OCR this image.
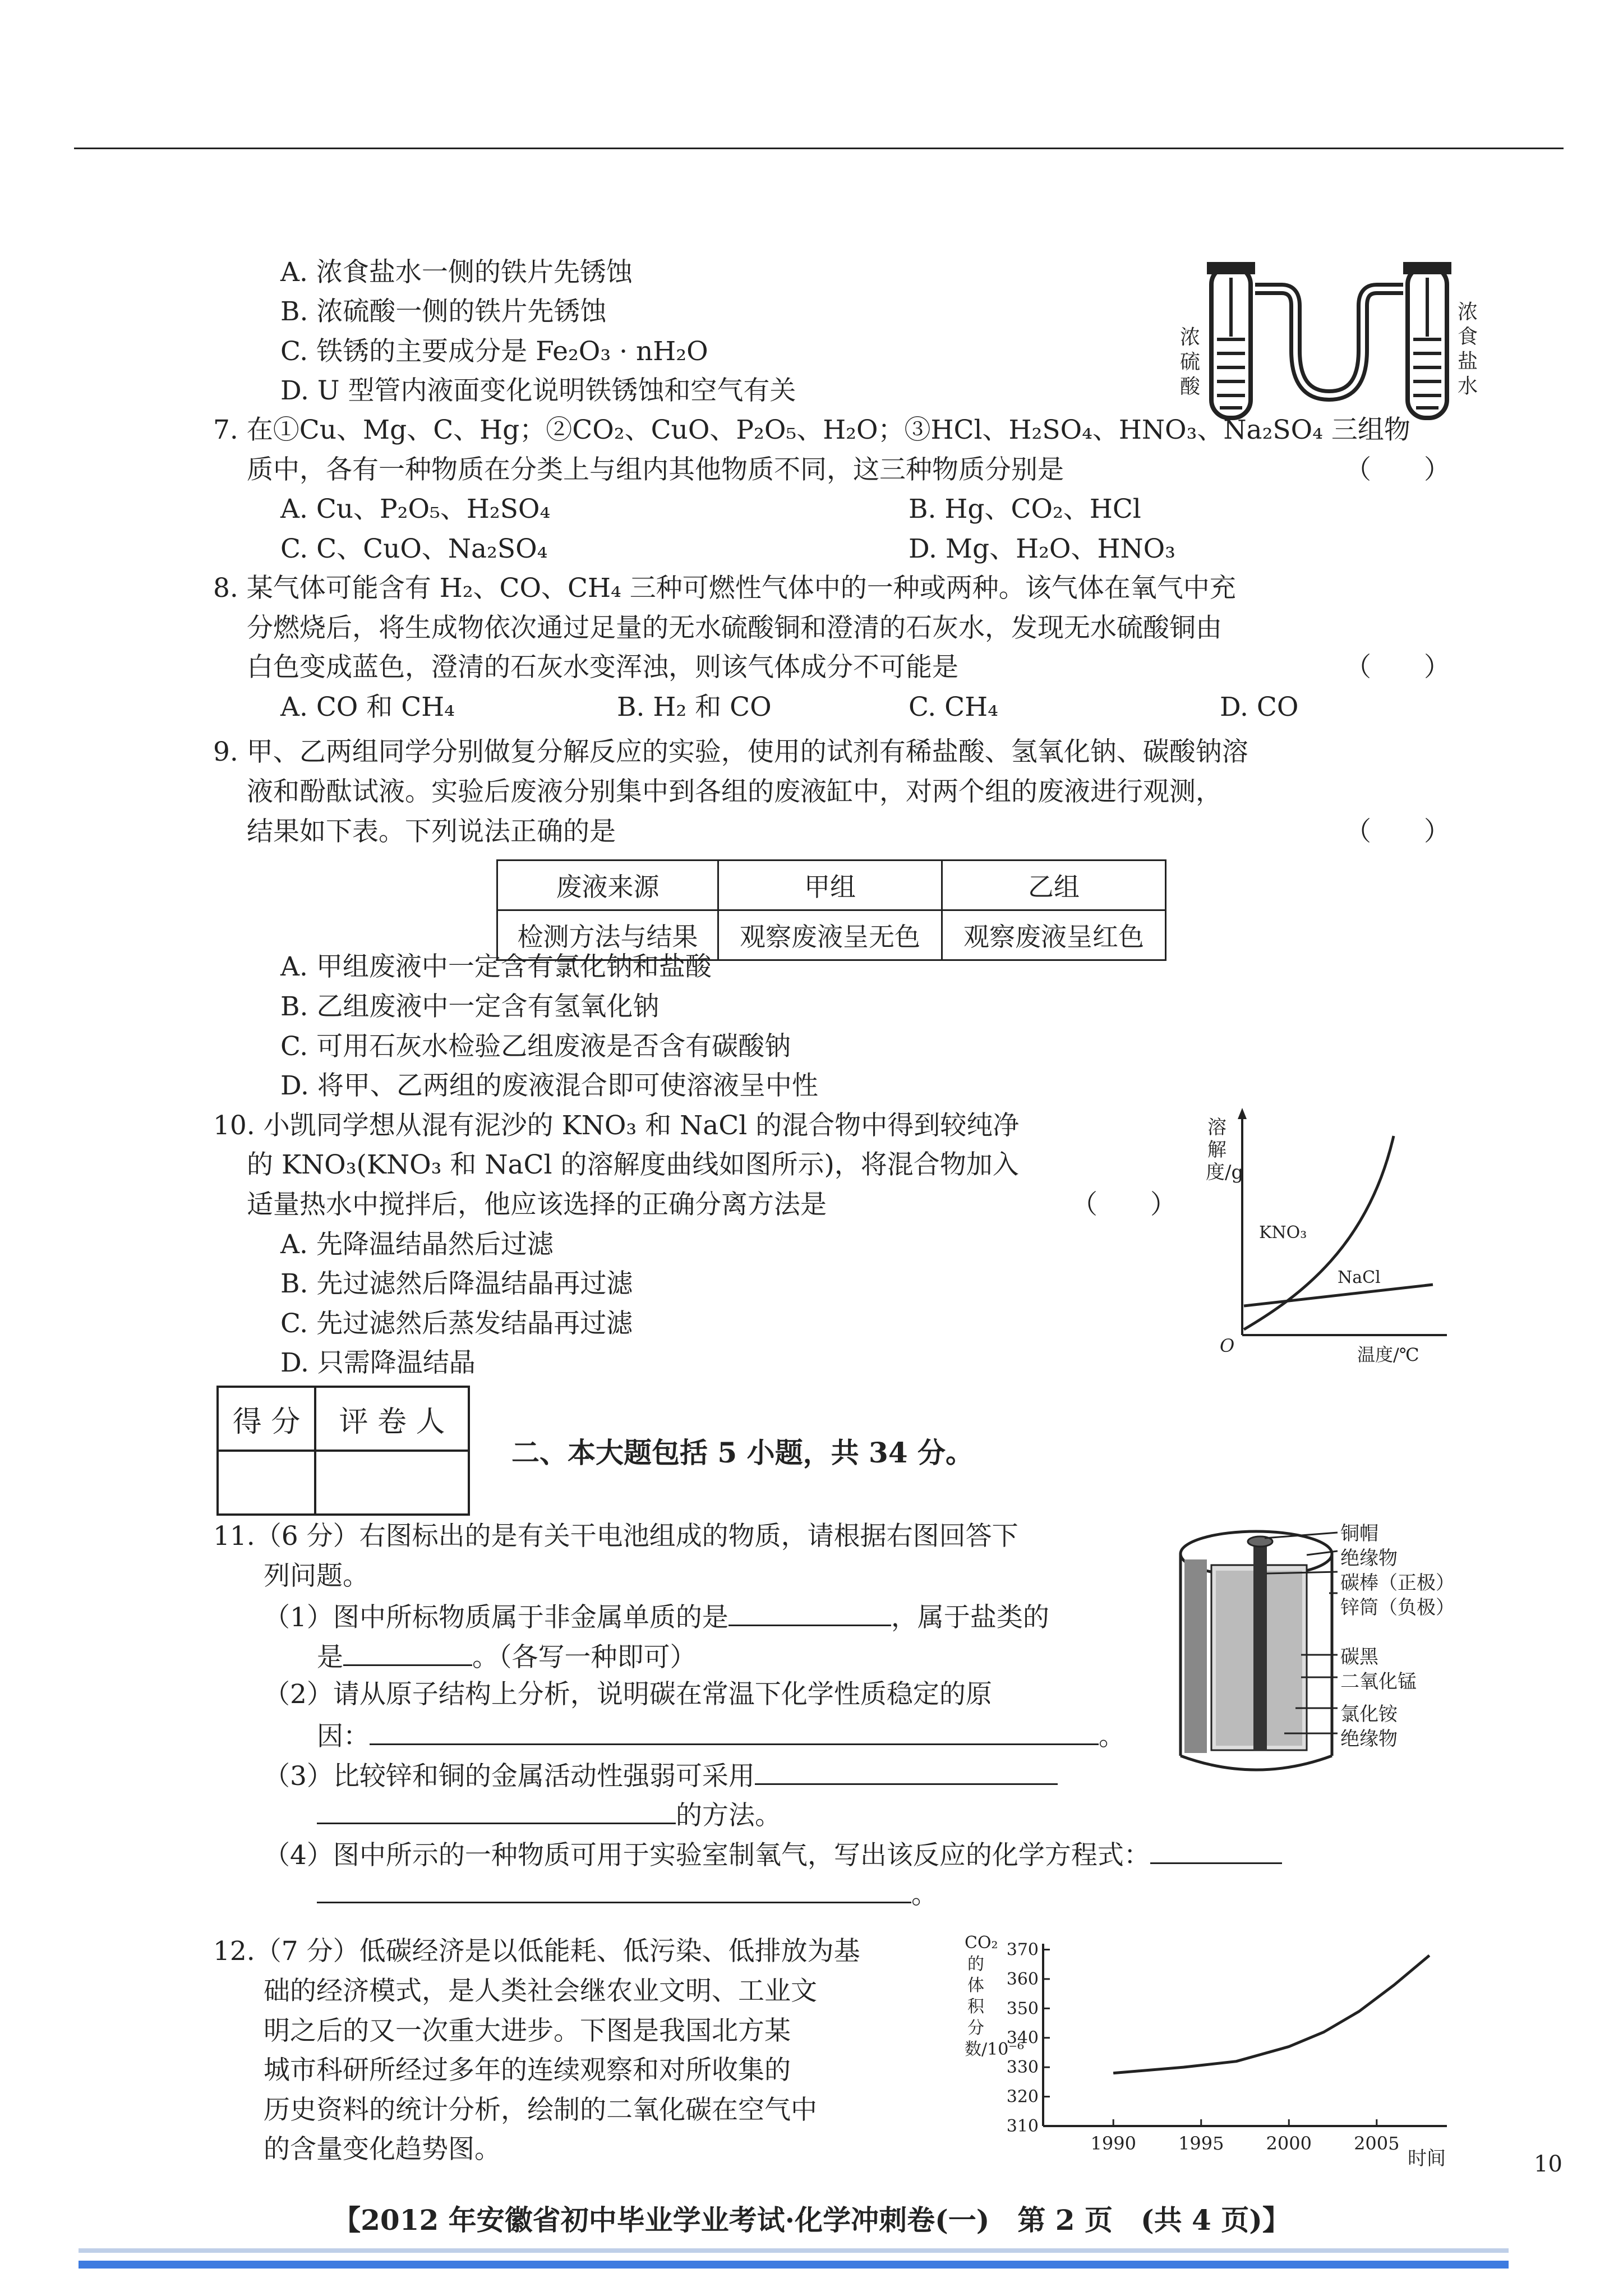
A. 浓食盐水一侧的铁片先锈蚀
B. 浓硫酸一侧的铁片先锈蚀
C. 铁锈的主要成分是 Fe₂O₃ · nH₂O
D. U 型管内液面变化说明铁锈蚀和空气有关
浓硫酸
浓食盐水
7. 在①Cu、Mg、C、Hg；②CO₂、CuO、P₂O₅、H₂O；③HCl、H₂SO₄、HNO₃、Na₂SO₄ 三组物
质中，各有一种物质在分类上与组内其他物质不同，这三种物质分别是	（　　）
A. Cu、P₂O₅、H₂SO₄	B. Hg、CO₂、HCl
C. C、CuO、Na₂SO₄	D. Mg、H₂O、HNO₃
8. 某气体可能含有 H₂、CO、CH₄ 三种可燃性气体中的一种或两种。该气体在氧气中充
分燃烧后，将生成物依次通过足量的无水硫酸铜和澄清的石灰水，发现无水硫酸铜由
白色变成蓝色，澄清的石灰水变浑浊，则该气体成分不可能是	（　　）
A. CO 和 CH₄	B. H₂ 和 CO	C. CH₄	D. CO
9. 甲、乙两组同学分别做复分解反应的实验，使用的试剂有稀盐酸、氢氧化钠、碳酸钠溶
液和酚酞试液。实验后废液分别集中到各组的废液缸中，对两个组的废液进行观测，
结果如下表。下列说法正确的是	（　　）
废液来源	甲组	乙组
检测方法与结果	观察废液呈无色	观察废液呈红色
A. 甲组废液中一定含有氯化钠和盐酸
B. 乙组废液中一定含有氢氧化钠
C. 可用石灰水检验乙组废液是否含有碳酸钠
D. 将甲、乙两组的废液混合即可使溶液呈中性
10. 小凯同学想从混有泥沙的 KNO₃ 和 NaCl 的混合物中得到较纯净
的 KNO₃(KNO₃ 和 NaCl 的溶解度曲线如图所示)，将混合物加入
适量热水中搅拌后，他应该选择的正确分离方法是	（　　）
A. 先降温结晶然后过滤
B. 先过滤然后降温结晶再过滤
C. 先过滤然后蒸发结晶再过滤
D. 只需降温结晶
溶解度/g
KNO₃
NaCl
O	温度/℃
得 分	评 卷 人

二、本大题包括 5 小题，共 34 分。
11.（6 分）右图标出的是有关干电池组成的物质，请根据右图回答下
列问题。
（1）图中所标物质属于非金属单质的是	，属于盐类的
是	。（各写一种即可）
（2）请从原子结构上分析，说明碳在常温下化学性质稳定的原
因：	。
（3）比较锌和铜的金属活动性强弱可采用
的方法。
（4）图中所示的一种物质可用于实验室制氧气，写出该反应的化学方程式：
。
铜帽
绝缘物
碳棒（正极）
锌筒（负极）
碳黑
二氧化锰
氯化铵
绝缘物
12.（7 分）低碳经济是以低能耗、低污染、低排放为基
础的经济模式，是人类社会继农业文明、工业文
明之后的又一次重大进步。下图是我国北方某
城市科研所经过多年的连续观察和对所收集的
历史资料的统计分析，绘制的二氧化碳在空气中
的含量变化趋势图。
CO₂的体积分数/10⁻⁶
310
320
330
340
350
360
370
1990 1995 2000 2005
时间	10
【2012 年安徽省初中毕业学业考试·化学冲刺卷(一)　第 2 页　(共 4 页)】
